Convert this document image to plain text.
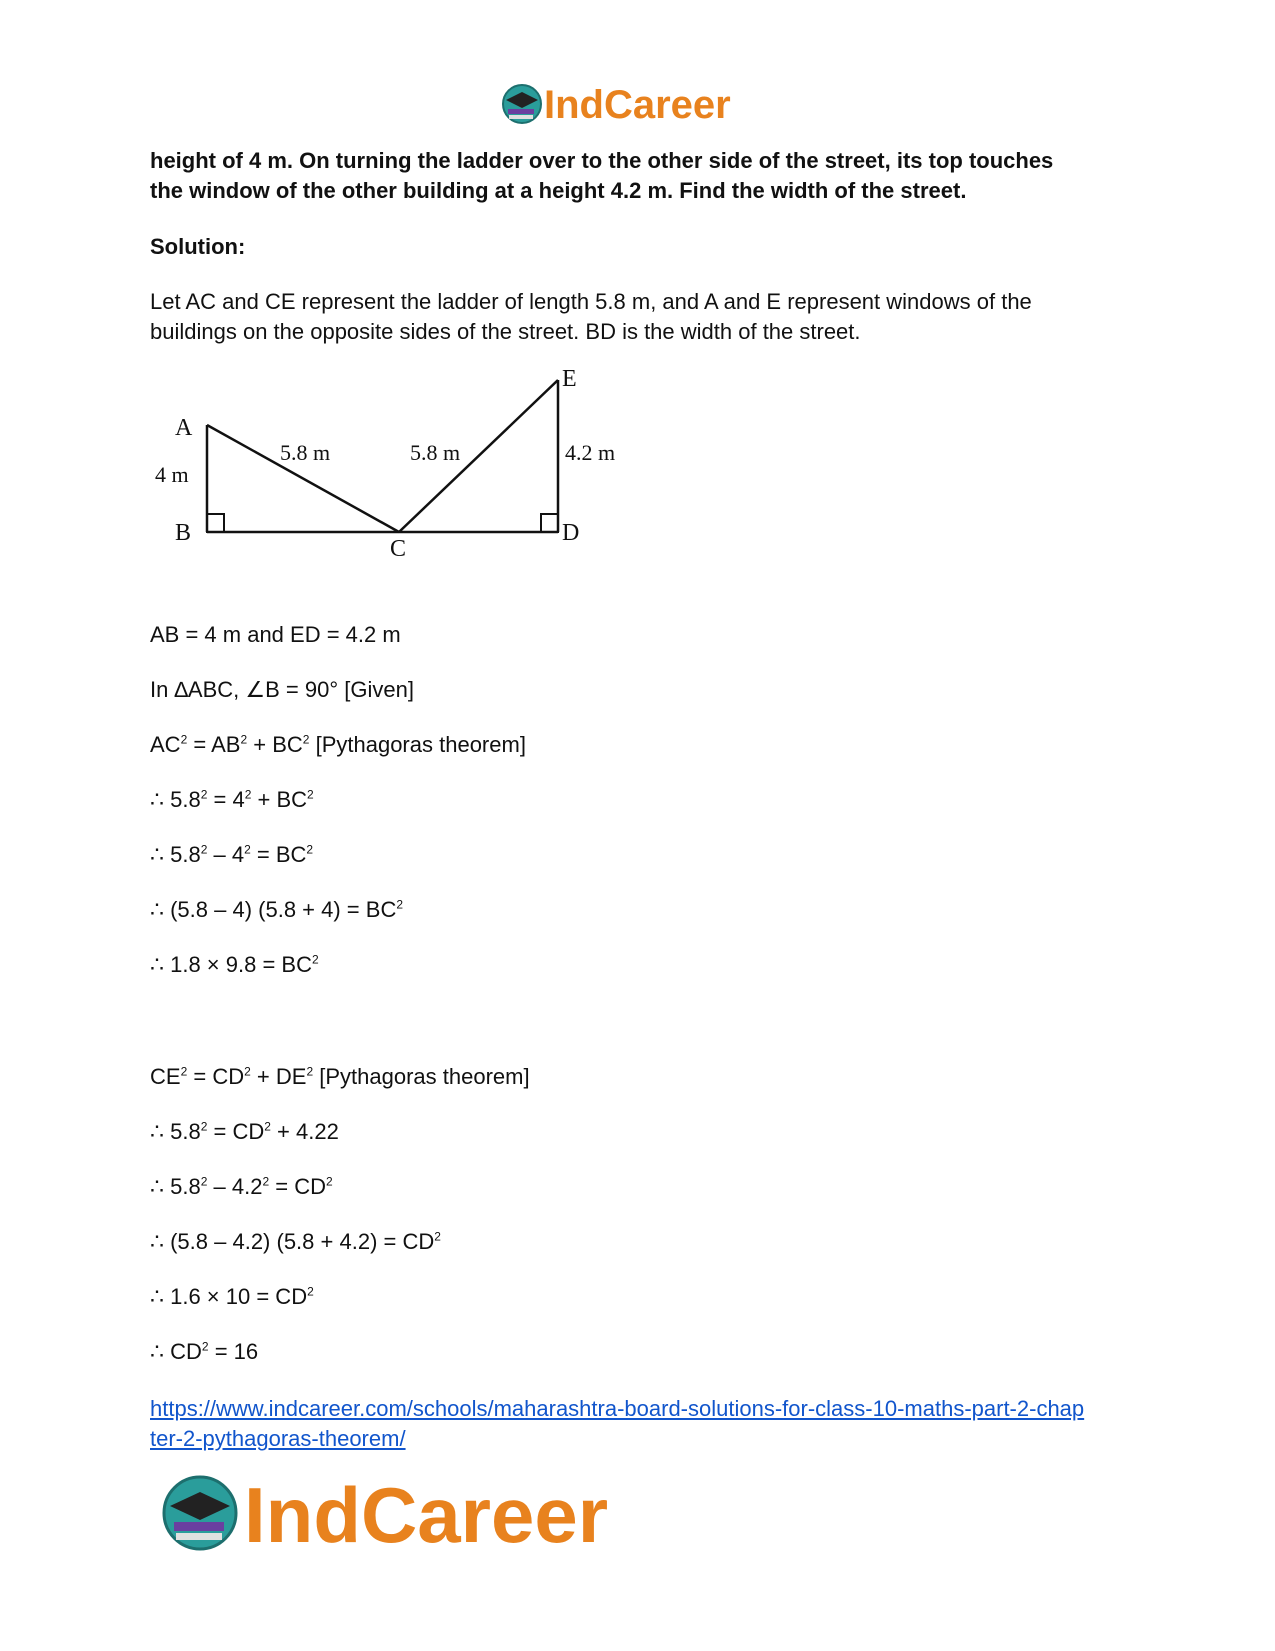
IndCareer

height of 4 m. On turning the ladder over to the other side of the street, its top touches
the window of the other building at a height 4.2 m. Find the width of the street.

Solution:

Let AC and CE represent the ladder of length 5.8 m, and A and E represent windows of the
buildings on the opposite sides of the street. BD is the width of the street.

A
B
C
D
E
4 m
5.8 m	5.8 m	4.2 m
AB = 4 m and ED = 4.2 m
In ∆ABC, ∠B = 90° [Given]
$AC^2 = AB^2 + BC^2$ [Pythagoras theorem]
∴ $5.8^2 = 4^2 + BC^2$
∴ $5.8^2 - 4^2 = BC^2$
∴ (5.8 – 4) $(5.8 + 4) = BC^2$
∴ $1.8 \times 9.8 = BC^2$
$CE^2 = CD^2 + DE^2$ [Pythagoras theorem]
∴ $5.8^2 = CD^2 + 4.22$
∴ $5.8^2 - 4.2^2 = CD^2$
∴ (5.8 – 4.2) $(5.8 + 4.2) = CD^2$
∴ $1.6 \times 10 = CD^2$
∴ $CD^2 = 16$
https://www.indcareer.com/schools/maharashtra-board-solutions-for-class-10-maths-part-2-chap
ter-2-pythagoras-theorem/
IndCareer
